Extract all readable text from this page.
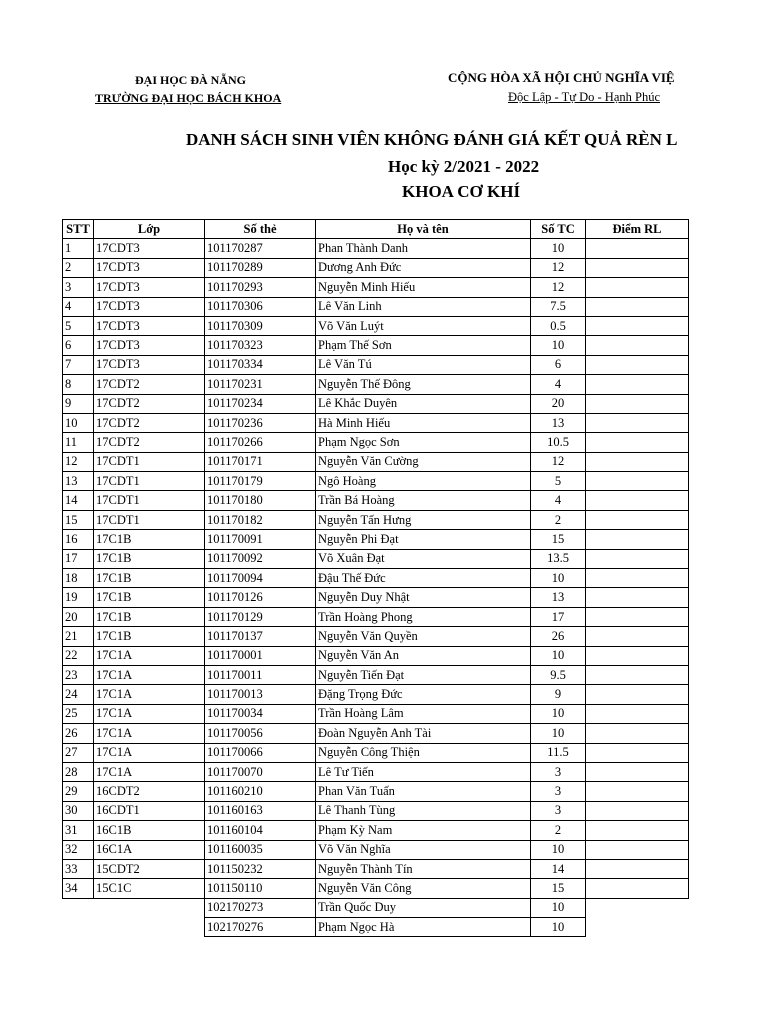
ĐẠI HỌC ĐÀ NẴNG
TRƯỜNG ĐẠI HỌC BÁCH KHOA
CỘNG HÒA XÃ HỘI CHỦ NGHĨA VIỆ
Độc Lập - Tự Do - Hạnh Phúc
DANH SÁCH SINH VIÊN KHÔNG ĐÁNH GIÁ KẾT QUẢ RÈN L
Học kỳ 2/2021 - 2022
KHOA CƠ KHÍ
STT	Lớp	Số thẻ	Họ và tên	Số TC	Điểm RL
1	17CDT3	101170287	Phan Thành Danh	10	
2	17CDT3	101170289	Dương Anh Đức	12	
3	17CDT3	101170293	Nguyễn Minh Hiếu	12	
4	17CDT3	101170306	Lê Văn Linh	7.5	
5	17CDT3	101170309	Võ Văn Luýt	0.5	
6	17CDT3	101170323	Phạm Thế Sơn	10	
7	17CDT3	101170334	Lê Văn Tú	6	
8	17CDT2	101170231	Nguyễn Thế Đông	4	
9	17CDT2	101170234	Lê Khắc Duyên	20	
10	17CDT2	101170236	Hà Minh Hiếu	13	
11	17CDT2	101170266	Phạm Ngọc Sơn	10.5	
12	17CDT1	101170171	Nguyễn Văn Cường	12	
13	17CDT1	101170179	Ngô Hoàng	5	
14	17CDT1	101170180	Trần Bá Hoàng	4	
15	17CDT1	101170182	Nguyễn Tấn Hưng	2	
16	17C1B	101170091	Nguyễn Phi Đạt	15	
17	17C1B	101170092	Võ Xuân Đạt	13.5	
18	17C1B	101170094	Đậu Thế Đức	10	
19	17C1B	101170126	Nguyễn Duy Nhật	13	
20	17C1B	101170129	Trần Hoàng Phong	17	
21	17C1B	101170137	Nguyễn Văn Quyền	26	
22	17C1A	101170001	Nguyễn Văn An	10	
23	17C1A	101170011	Nguyễn Tiến Đạt	9.5	
24	17C1A	101170013	Đặng Trọng Đức	9	
25	17C1A	101170034	Trần Hoàng Lâm	10	
26	17C1A	101170056	Đoàn Nguyễn Anh Tài	10	
27	17C1A	101170066	Nguyễn Công Thiện	11.5	
28	17C1A	101170070	Lê Tư Tiến	3	
29	16CDT2	101160210	Phan Văn Tuấn	3	
30	16CDT1	101160163	Lê Thanh Tùng	3	
31	16C1B	101160104	Phạm Kỳ Nam	2	
32	16C1A	101160035	Võ Văn Nghĩa	10	
33	15CDT2	101150232	Nguyễn Thành Tín	14	
34	15C1C	101150110	Nguyễn Văn Công	15	
		102170273	Trần Quốc Duy	10	
		102170276	Phạm Ngọc Hà	10	
